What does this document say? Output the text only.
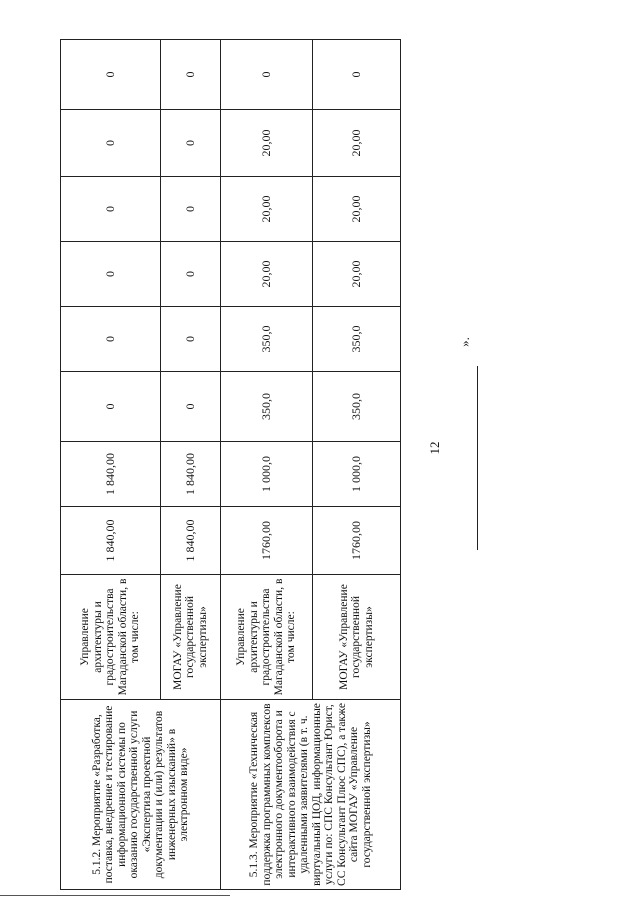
12
5.1.2. Мероприятие «Разработка, поставка, внедрение и тестирование информационной системы по оказанию государственной услуги «Экспертиза проектной документации и (или) результатов инженерных изысканий» в электронном виде»	Управление архитектуры и градостроительства Магаданской области, в том числе:	1 840,00	1 840,00	0	0	0	0	0	0
	МОГАУ «Управление государственной экспертизы»	1 840,00	1 840,00	0	0	0	0	0	0
5.1.3. Мероприятие «Техническая поддержка программных комплексов электронного документооборота и интерактивного взаимодействия с удаленными заявителями (в т. ч. виртуальный ЦОД, информационные услуги по: СПС Консультант Юрист, СС Консультант Плюс СПС), а также сайта МОГАУ «Управление государственной экспертизы»	Управление архитектуры и градостроительства Магаданской области, в том числе:	1760,00	1 000,0	350,0	350,0	20,00	20,00	20,00	0
	МОГАУ «Управление государственной экспертизы»	1760,00	1 000,0	350,0	350,0	20,00	20,00	20,00	0
».
